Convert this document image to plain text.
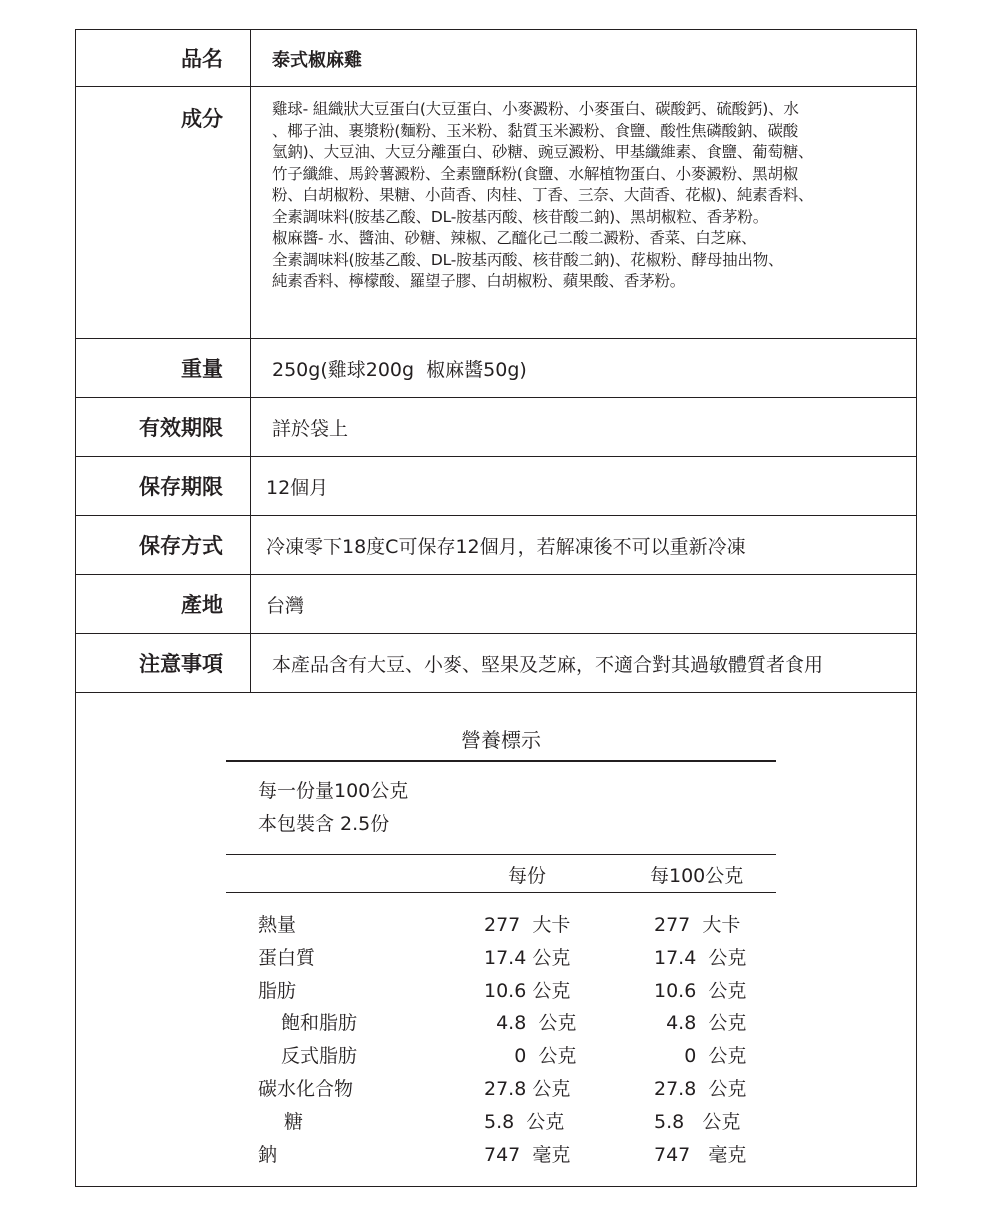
品名	泰式椒麻雞
成分	雞球- 組織狀大豆蛋白(大豆蛋白、小麥澱粉、小麥蛋白、碳酸鈣、硫酸鈣)、水
、椰子油、裹漿粉(麵粉、玉米粉、黏質玉米澱粉、食鹽、酸性焦磷酸鈉、碳酸
氫鈉)、大豆油、大豆分離蛋白、砂糖、豌豆澱粉、甲基纖維素、食鹽、葡萄糖、
竹子纖維、馬鈴薯澱粉、全素鹽酥粉(食鹽、水解植物蛋白、小麥澱粉、黑胡椒
粉、白胡椒粉、果糖、小茴香、肉桂、丁香、三奈、大茴香、花椒)、純素香料、
全素調味料(胺基乙酸、DL-胺基丙酸、核苷酸二鈉)、黑胡椒粒、香茅粉。
椒麻醬- 水、醬油、砂糖、辣椒、乙醯化己二酸二澱粉、香菜、白芝麻、
全素調味料(胺基乙酸、DL-胺基丙酸、核苷酸二鈉)、花椒粉、酵母抽出物、
純素香料、檸檬酸、羅望子膠、白胡椒粉、蘋果酸、香茅粉。
重量	250g(雞球200g  椒麻醬50g)
有效期限	詳於袋上
保存期限	12個月
保存方式	冷凍零下18度C可保存12個月，若解凍後不可以重新冷凍
產地	台灣
注意事項	本產品含有大豆、小麥、堅果及芝麻，不適合對其過敏體質者食用
營養標示
每一份量100公克
本包裝含 2.5份
每份	每100公克
熱量	277  大卡	277  大卡
蛋白質	17.4 公克	17.4  公克
脂肪	10.6 公克	10.6  公克
飽和脂肪	4.8  公克	4.8  公克
反式脂肪	0  公克	0  公克
碳水化合物	27.8 公克	27.8  公克
糖	5.8  公克	5.8   公克
鈉	747  毫克	747   毫克
